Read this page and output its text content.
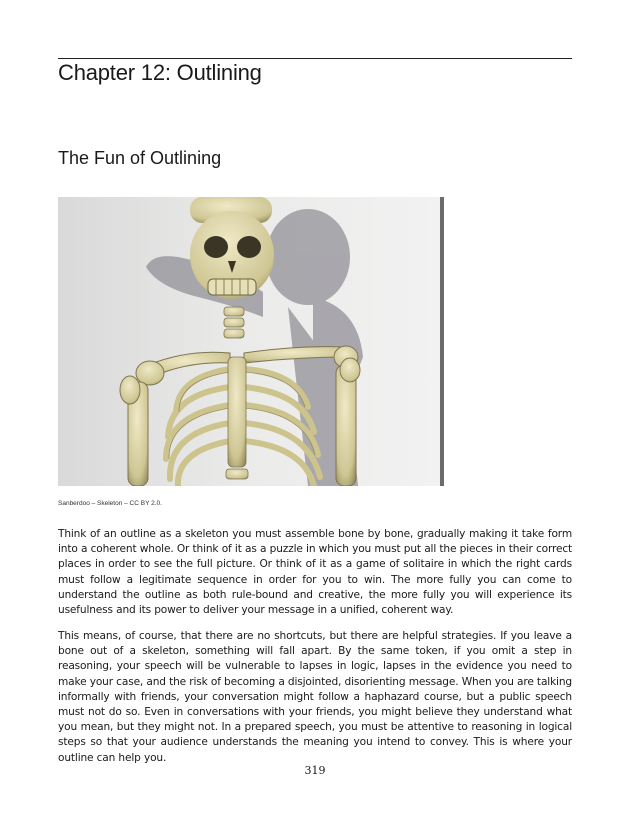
Chapter 12: Outlining
The Fun of Outlining
Sanberdoo – Skeleton – CC BY 2.0.

Think of an outline as a skeleton you must assemble bone by bone, gradually making it take form into a coherent whole. Or think of it as a puzzle in which you must put all the pieces in their correct places in order to see the full picture. Or think of it as a game of solitaire in which the right cards must follow a legitimate sequence in order for you to win. The more fully you can come to understand the outline as both rule-bound and creative, the more fully you will experience its usefulness and its power to deliver your message in a unified, coherent way.

This means, of course, that there are no shortcuts, but there are helpful strategies. If you leave a bone out of a skeleton, something will fall apart. By the same token, if you omit a step in reasoning, your speech will be vulnerable to lapses in logic, lapses in the evidence you need to make your case, and the risk of becoming a disjointed, disorienting message. When you are talking informally with friends, your conversation might follow a haphazard course, but a public speech must not do so. Even in conversations with your friends, you might believe they understand what you mean, but they might not. In a prepared speech, you must be attentive to reasoning in logical steps so that your audience understands the meaning you intend to convey. This is where your outline can help you.

319
